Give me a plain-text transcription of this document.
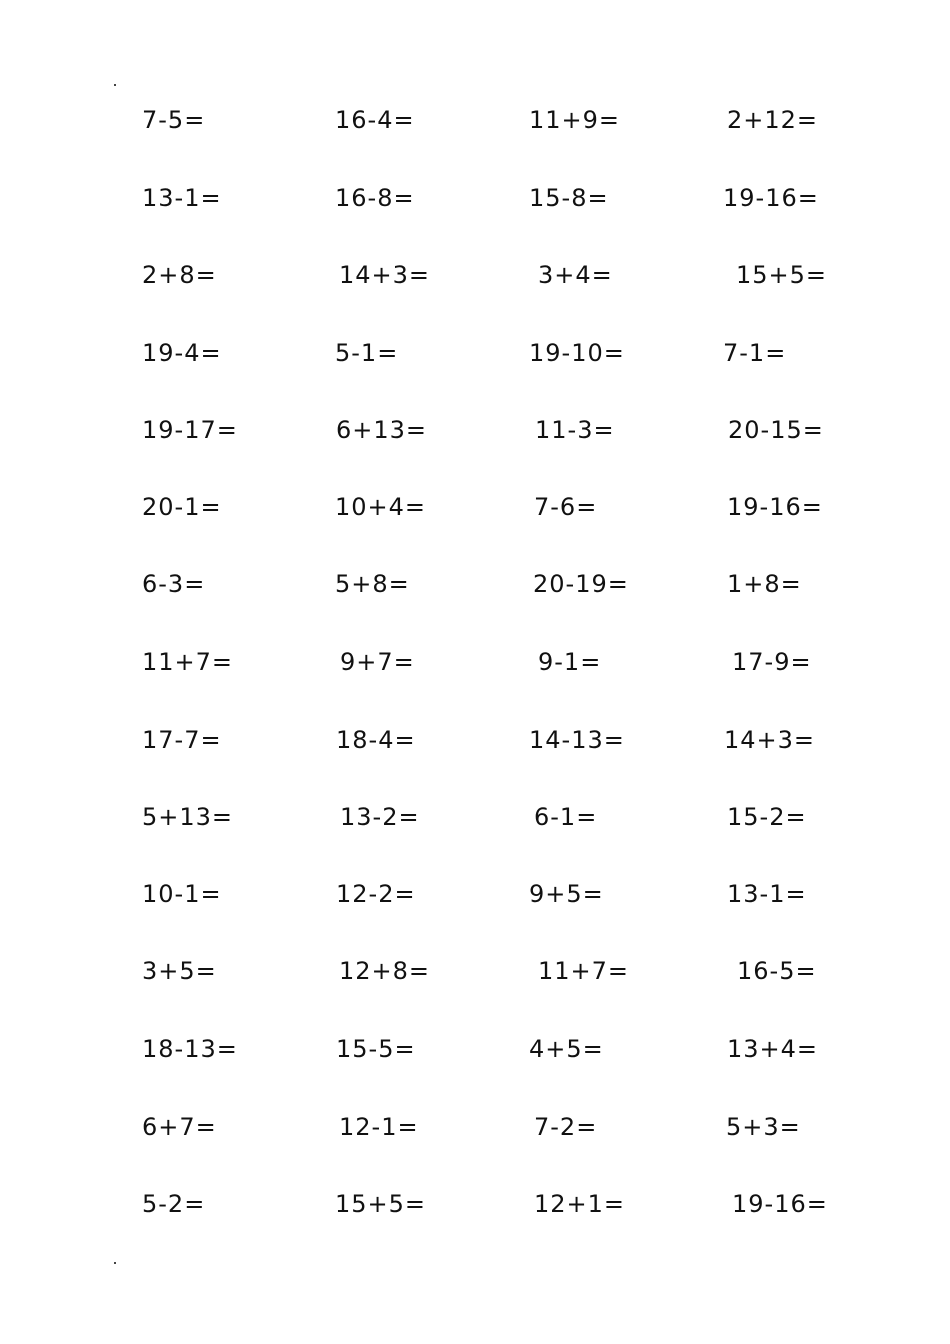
7-5=	16-4=	11+9=	2+12=
13-1=	16-8=	15-8=	19-16=
2+8=	14+3=	3+4=	15+5=
19-4=	5-1=	19-10=	7-1=
19-17=	6+13=	11-3=	20-15=
20-1=	10+4=	7-6=	19-16=
6-3=	5+8=	20-19=	1+8=
11+7=	9+7=	9-1=	17-9=
17-7=	18-4=	14-13=	14+3=
5+13=	13-2=	6-1=	15-2=
10-1=	12-2=	9+5=	13-1=
3+5=	12+8=	11+7=	16-5=
18-13=	15-5=	4+5=	13+4=
6+7=	12-1=	7-2=	5+3=
5-2=	15+5=	12+1=	19-16=
